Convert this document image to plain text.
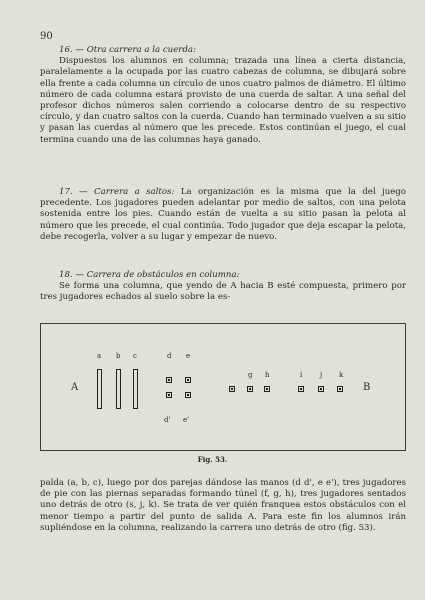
90

16. — Otra carrera a la cuerda:

Dispuestos los alumnos en columna; trazada una línea a cierta distancia, paralelamente a la ocupada por las cuatro cabezas de columna, se dibujará sobre ella frente a cada columna un círculo de unos cuatro palmos de diámetro. El último número de cada columna estará provisto de una cuerda de saltar. A una señal del profesor dichos números salen corriendo a colocarse dentro de su respectivo círculo, y dan cuatro saltos con la cuerda. Cuando han terminado vuelven a su sitio y pasan las cuerdas al número que les precede. Estos continúan el juego, el cual termina cuando una de las columnas haya ganado.

17. — Carrera a saltos: La organización es la misma que la del juego precedente. Los jugadores pueden adelantar por medio de saltos, con una pelota sostenida entre los pies. Cuando están de vuelta a su sitio pasan la pelota al número que les precede, el cual continúa. Todo jugador que deja escapar la pelota, debe recogerla, volver a su lugar y empezar de nuevo.

18. — Carrera de obstáculos en columna:

Se forma una columna, que yendo de A hacia B esté compuesta, primero por tres jugadores echados al suelo sobre la es-

A	B
a b c	d e
d' e'
g h	i	j k
Fig. 53.

palda (a, b, c), luego por dos parejas dándose las manos (d d', e e'), tres jugadores de pie con las piernas separadas formando túnel (f, g, h), tres jugadores sentados uno detrás de otro (s, j, k). Se trata de ver quién franquea estos obstáculos con el menor tiempo a partir del punto de salida A. Para este fin los alumnos irán supliéndose en la columna, realizando la carrera uno detrás de otro (fig. 53).
